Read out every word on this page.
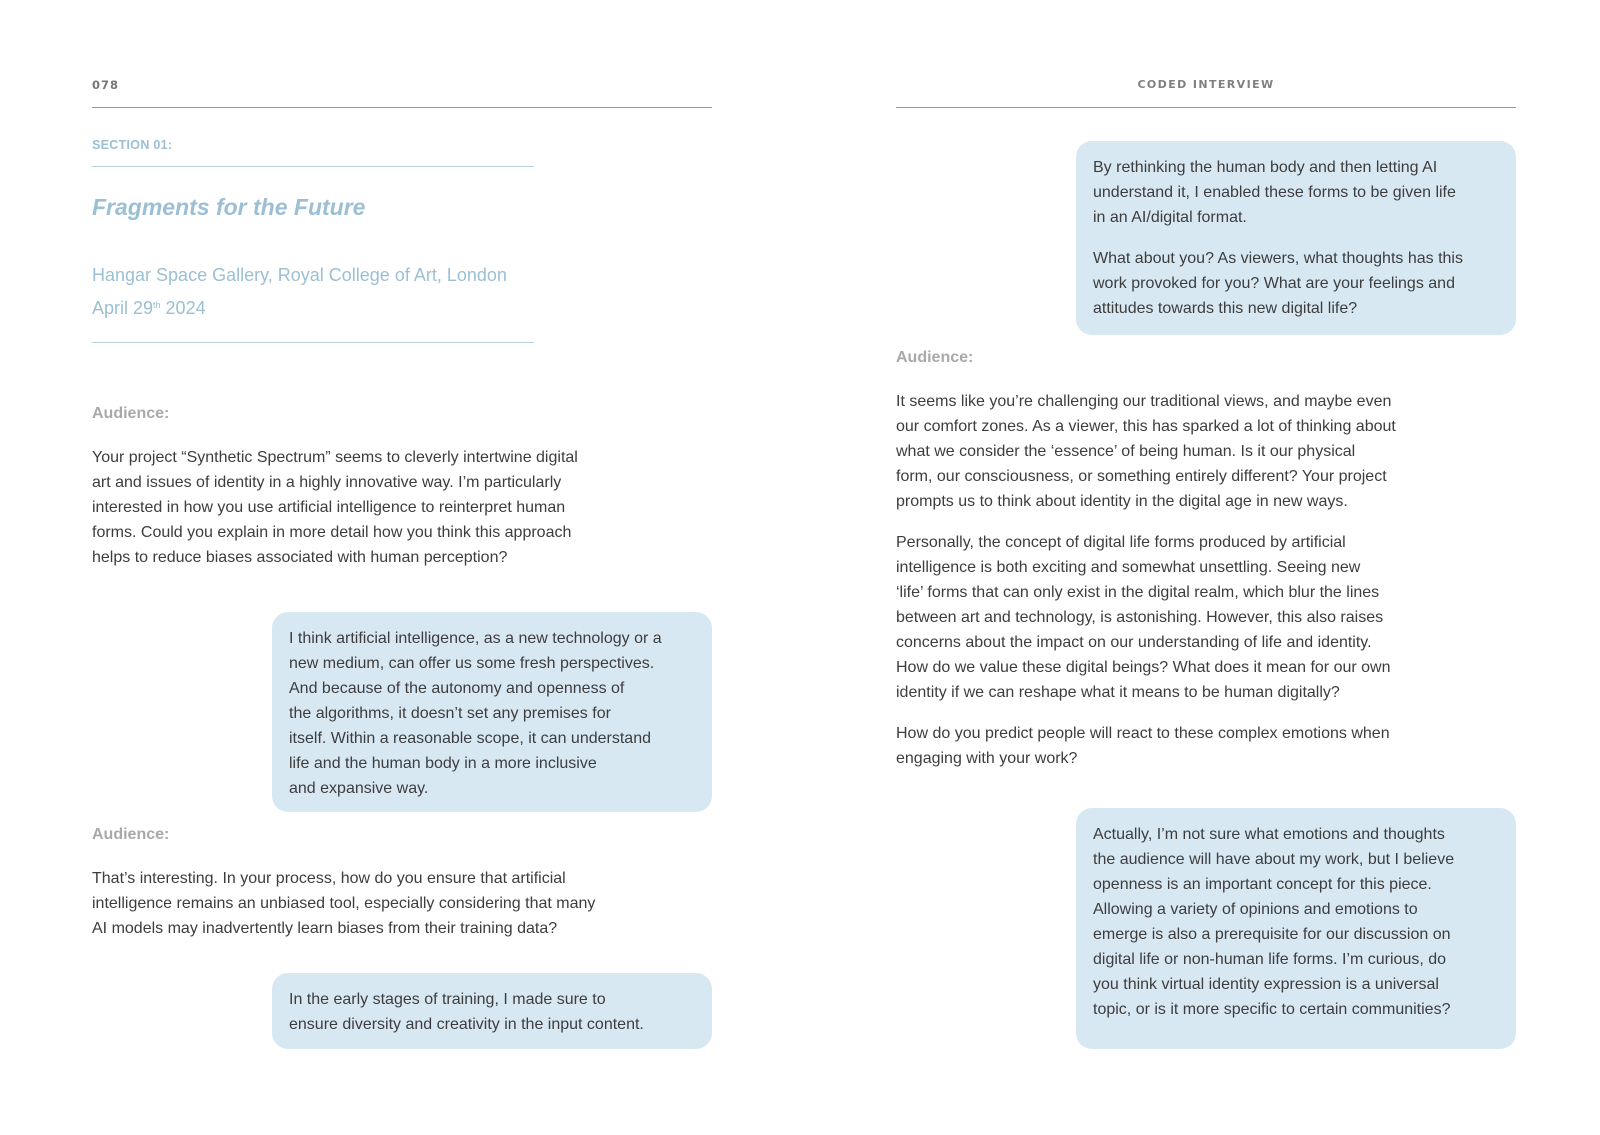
078
SECTION 01:
Fragments for the Future
Hangar Space Gallery, Royal College of Art, London
April 29th 2024
Audience:
Your project “Synthetic Spectrum” seems to cleverly intertwine digital
art and issues of identity in a highly innovative way. I’m particularly
interested in how you use artificial intelligence to reinterpret human
forms. Could you explain in more detail how you think this approach
helps to reduce biases associated with human perception?

I think artificial intelligence, as a new technology or a
new medium, can offer us some fresh perspectives.
And because of the autonomy and openness of
the algorithms, it doesn’t set any premises for
itself. Within a reasonable scope, it can understand
life and the human body in a more inclusive
and expansive way.

Audience:
That’s interesting. In your process, how do you ensure that artificial
intelligence remains an unbiased tool, especially considering that many
AI models may inadvertently learn biases from their training data?

In the early stages of training, I made sure to
ensure diversity and creativity in the input content.

CODED INTERVIEW

By rethinking the human body and then letting AI
understand it, I enabled these forms to be given life
in an AI/digital format.

What about you? As viewers, what thoughts has this
work provoked for you? What are your feelings and
attitudes towards this new digital life?

Audience:
It seems like you’re challenging our traditional views, and maybe even
our comfort zones. As a viewer, this has sparked a lot of thinking about
what we consider the ‘essence’ of being human. Is it our physical
form, our consciousness, or something entirely different? Your project
prompts us to think about identity in the digital age in new ways.
Personally, the concept of digital life forms produced by artificial
intelligence is both exciting and somewhat unsettling. Seeing new
‘life’ forms that can only exist in the digital realm, which blur the lines
between art and technology, is astonishing. However, this also raises
concerns about the impact on our understanding of life and identity.
How do we value these digital beings? What does it mean for our own
identity if we can reshape what it means to be human digitally?
How do you predict people will react to these complex emotions when
engaging with your work?

Actually, I’m not sure what emotions and thoughts
the audience will have about my work, but I believe
openness is an important concept for this piece.
Allowing a variety of opinions and emotions to
emerge is also a prerequisite for our discussion on
digital life or non-human life forms. I’m curious, do
you think virtual identity expression is a universal
topic, or is it more specific to certain communities?
